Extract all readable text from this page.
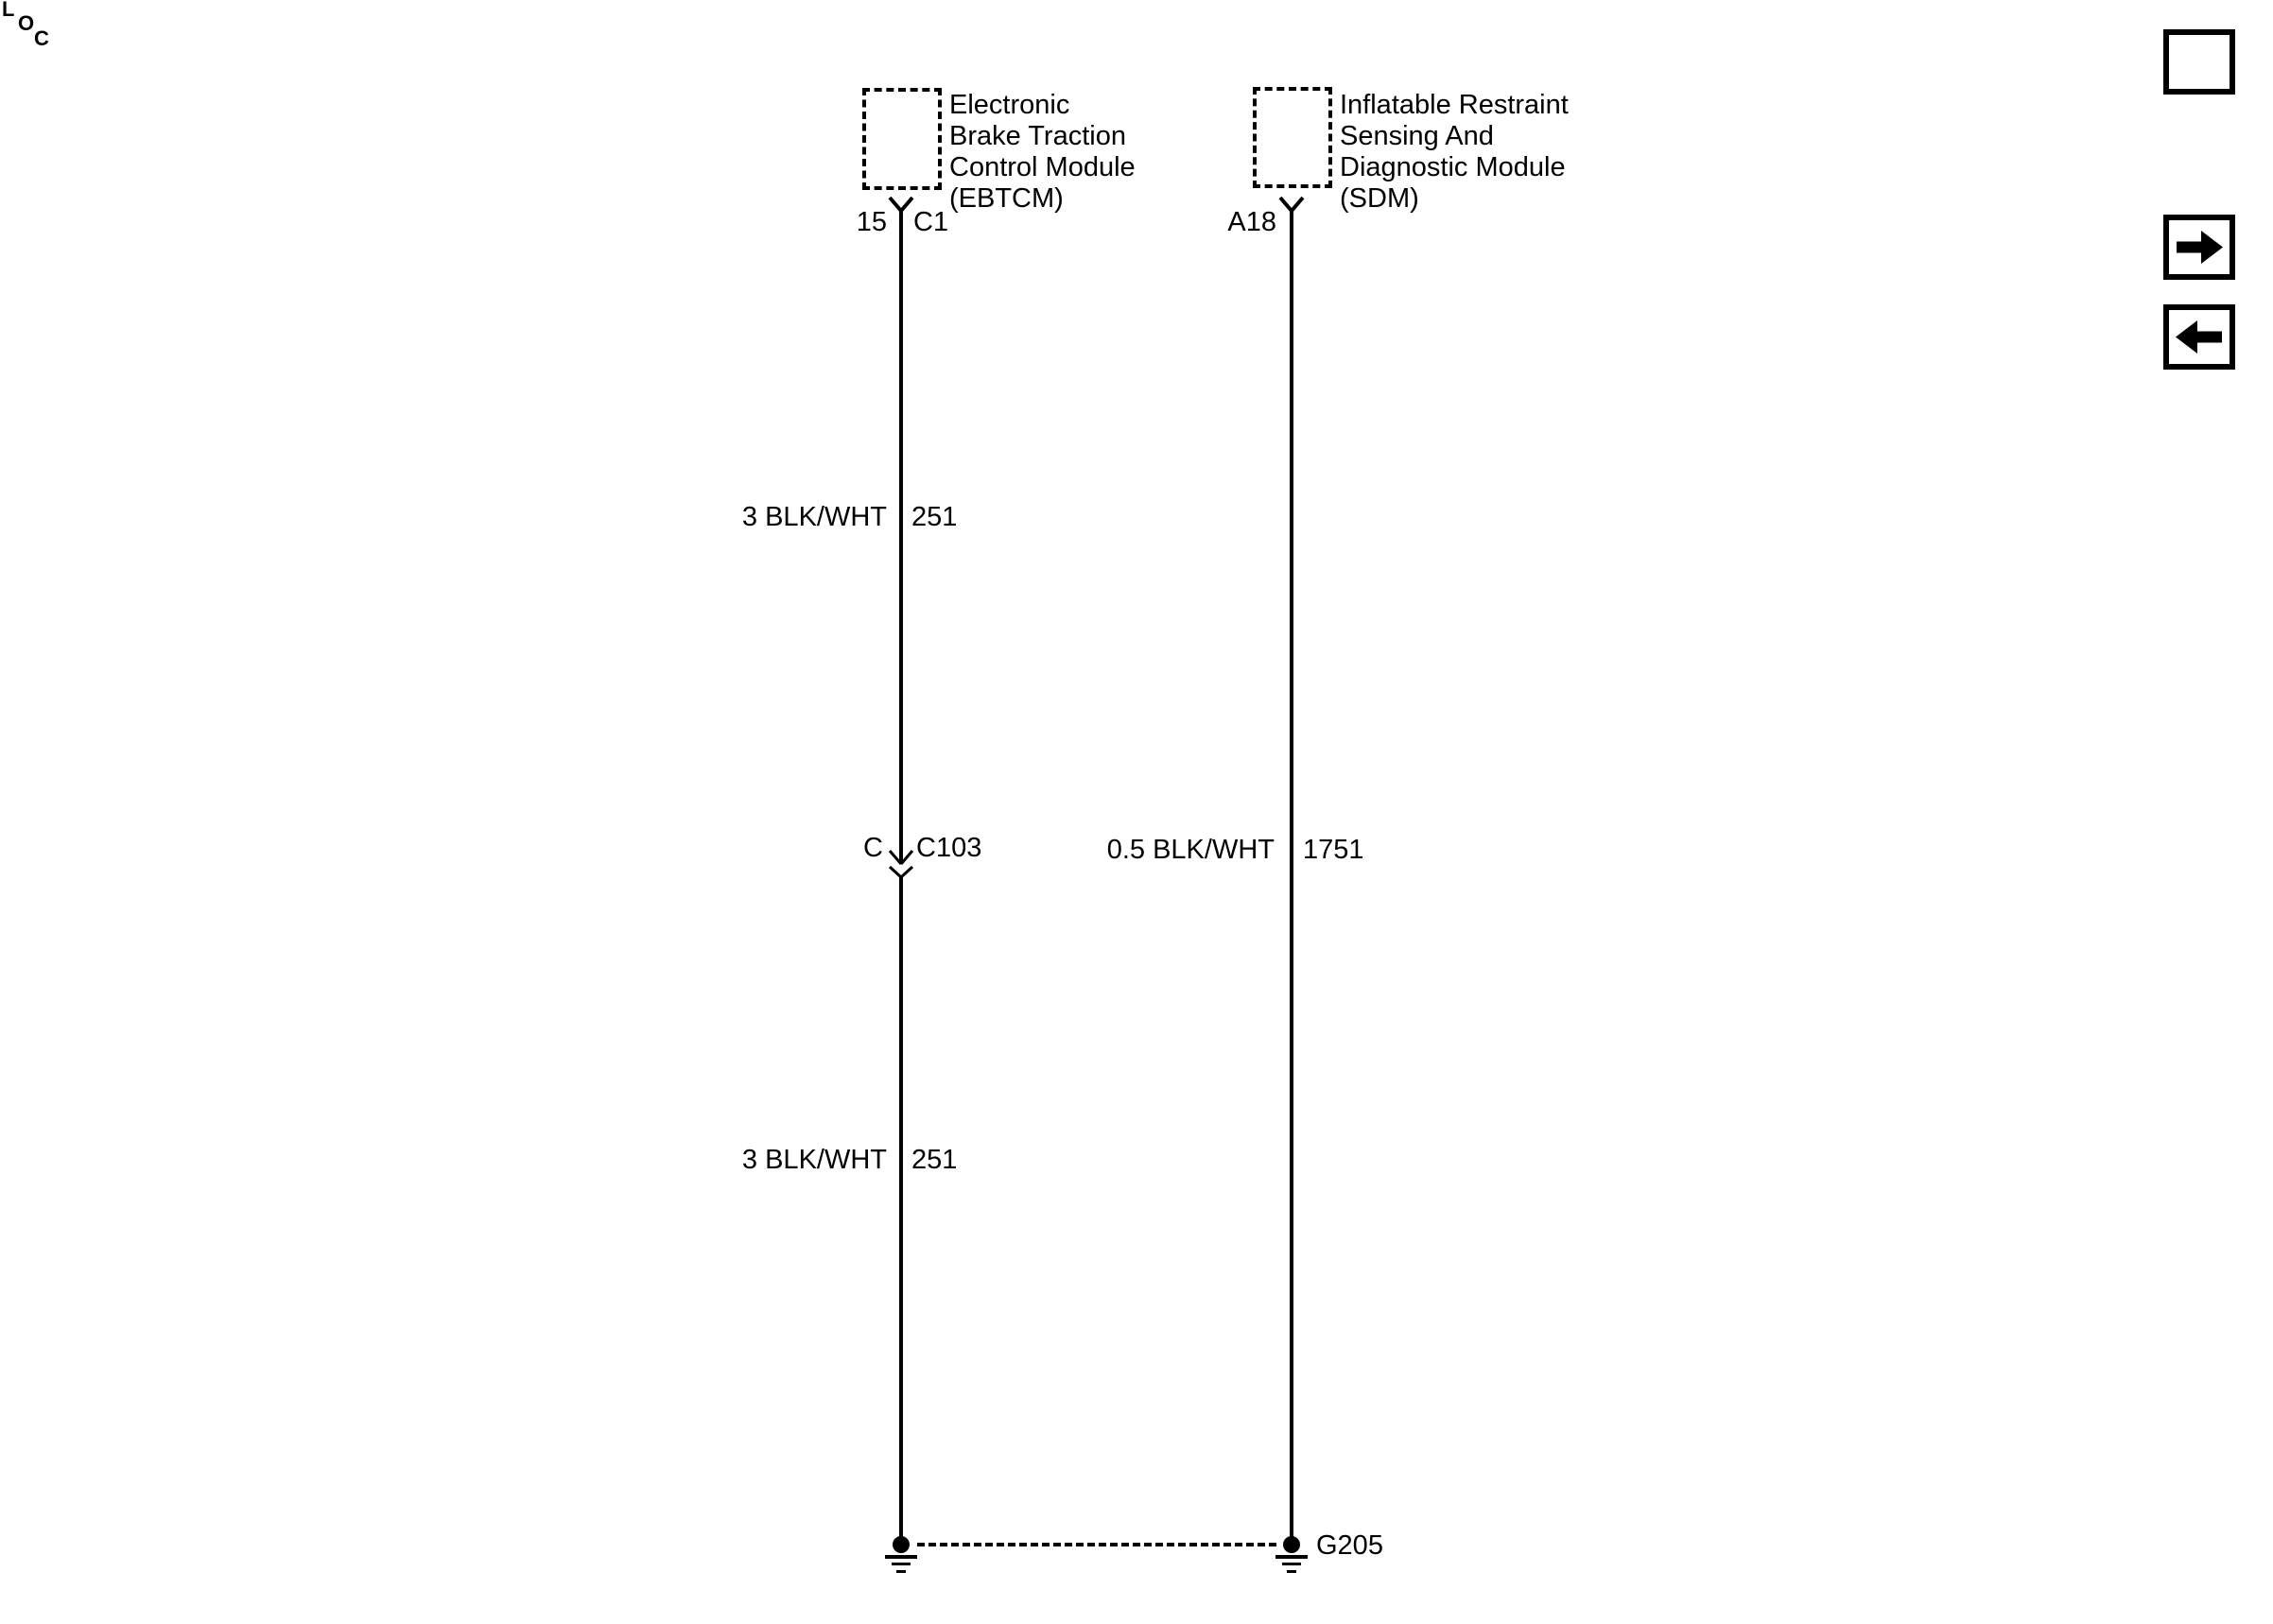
Electronic
Brake Traction
Control Module
(EBTCM)
Inflatable Restraint
Sensing And
Diagnostic Module
(SDM)
15 C1	A18
3 BLK/WHT 251
C C103	0.5 BLK/WHT 1751
3 BLK/WHT 251
G205
L
O
C
